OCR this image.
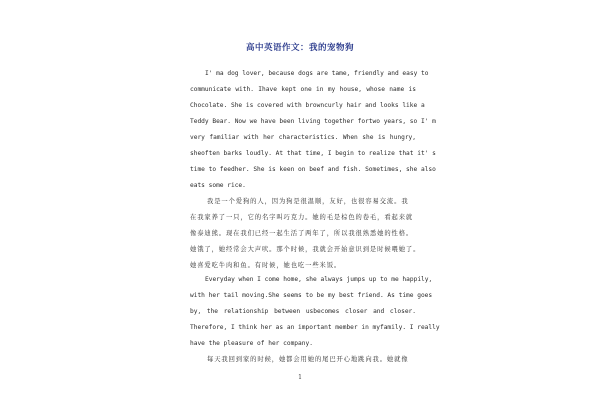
高中英语作文：我的宠物狗
I' ma dog lover, because dogs are tame, friendly and easy to
communicate with. Ihave kept one in my house, whose name is
Chocolate. She is covered with browncurly hair and looks like a
Teddy Bear. Now we have been living together fortwo years, so I' m
very familiar with her characteristics. When she is hungry,
sheoften barks loudly. At that time, I begin to realize that it' s
time to feedher. She is keen on beef and fish. Sometimes, she also
eats some rice.
我是一个爱狗的人，因为狗是很温顺，友好，也很容易交流。我
在我家养了一只，它的名字叫巧克力。她的毛是棕色的卷毛，看起来就
像泰迪熊。现在我们已经一起生活了两年了，所以我很熟悉她的性格。
她饿了，她经常会大声吠。那个时候，我就会开始意识到是时候喂她了。
她喜爱吃牛肉和鱼。有时候，她也吃一些米饭。
Everyday when I come home, she always jumps up to me happily,
with her tail moving.She seems to be my best friend. As time goes
by, the relationship between usbecomes closer and closer.
Therefore, I think her as an important member in myfamily. I really
have the pleasure of her company.
每天我回到家的时候，她都会用她的尾巴开心地跳向我。她就像
1
